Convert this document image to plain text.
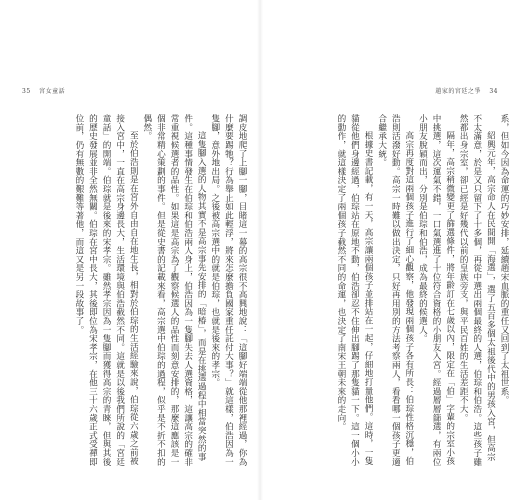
35 宮女童話

調皮地爬了上腳一腳，目睹這一幕的高宗很不高興地說：「這腳好端端從他那裡經過，你為什麼要踢牠？行為舉止如此輕浮，將來怎麼擔負國家重任託付大事？」就這樣，伯浩因為一隻腳，意外地出局。之後被高宗選中的就是伯琮，也就是後來的孝宗。

這隻腳入選的人物其實不是高宗事先安排的「暗椿」，而是在挑選過程中相當突然的事件。這種事情發生在伯琮和伯浩兩人身上，伯浩因為一隻腳失去人選資格，這讓高宗的確非常重視候選者的品性。如果這是高宗為了觀察候選人的品性而刻意安排的，那麼這應該是一個非常精心策劃的事件。但是從史書的記載來看，高宗選中伯琮的過程，似乎是不折不扣的偶然。

至於伯浩則是在宮外自由自在地生長，相對於伯琮的生活經驗來說，伯琮從六歲之前被接入宮中，一直在高宗身邊長大，生活環境與伯浩截然不同。這就是以後我們所說的「宮廷童話」的開端。伯琮就是後來的宋孝宗。雖然孝宗因為一隻腳而獲得高宗的青睞，但與其後的歷史發展並非全然無關。伯琮在宮中長大，其後即位為宋孝宗，在他三十六歲正式受禪即位前，仍有無數的艱難等著他，而這又是另一段故事了。

趙家的宮廷之爭 34

系，但如今因為命運的巧妙安排，延續趙宋血脈的重任又回到了太祖世系。

紹興元年，高宗命人在民間開「海選」，選了五百多個太祖後代中的男孩入宮，但高宗不太滿意，於是又只留下了十多個，再從中選出兩個最終的人選，伯琮和伯浩。這些孩子雖然都出身宗室，卻已經是好幾代以前的皇族旁支，與平民百姓的生活差距不大。

隔年，高宗稍微變更了篩選條件，將年齡訂在七歲以內，限定在「伯」字輩的宗室小孩中挑選，這次運氣不錯，一口氣選進了十位符合資格的小朋友入宮。經過層層篩選，有兩位小朋友脫穎而出，分別是伯琮和伯浩，成為最終的候選人。

高宗再度對這兩個孩子進行了細心觀察，他發現兩個孩子各有所長：伯琮性格沉穩，伯浩則活潑好動。高宗一時難以做出決定，只好再用別的方法考察兩人，看看哪一個孩子更適合繼承大統。

根據史書記載，有一天，高宗讓兩個孩子並排站在一起，仔細地打量他們。這時，一隻貓從他們身邊經過，伯琮站在原地不動，伯浩卻忍不住伸出腳踢了那隻貓一下。這一個小小的動作，就這樣決定了兩個孩子截然不同的命運，也決定了南宋王朝未來的走向。
